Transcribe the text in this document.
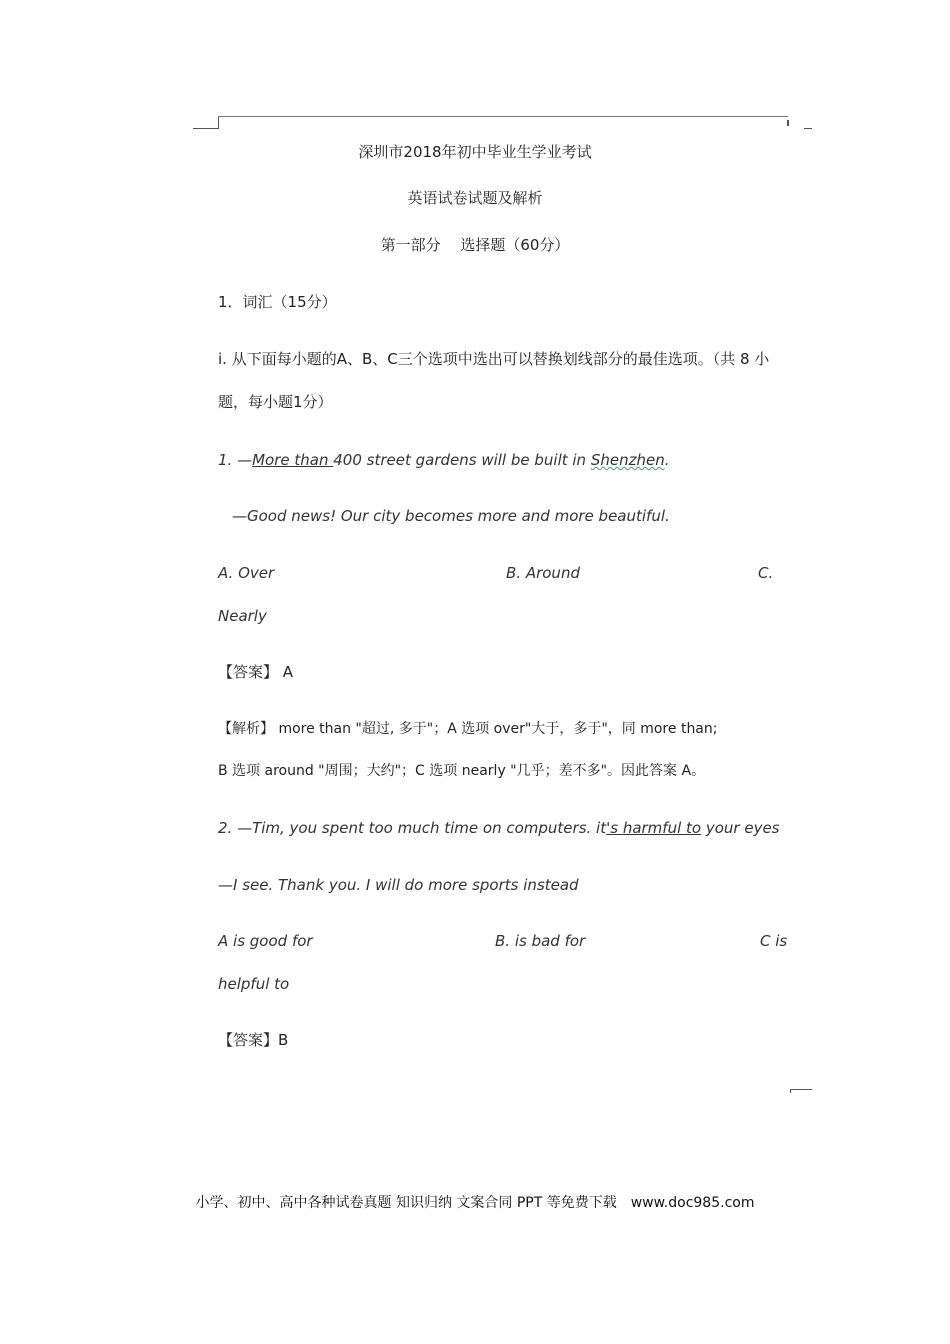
深圳市2018年初中毕业生学业考试
英语试卷试题及解析
第一部分　 选择题（60分）
1．词汇（15分）
i. 从下面每小题的A、B、C三个选项中选出可以替换划线部分的最佳选项。（共 8 小
题，每小题1分）
1. —More than 400 street gardens will be built in Shenzhen.
—Good news! Our city becomes more and more beautiful.
A. Over	B. Around	C.
Nearly
【答案】 A
【解析】 more than "超过, 多于"；A 选项 over"大于，多于"，同 more than;
B 选项 around "周围；大约"；C 选项 nearly "几乎；差不多"。因此答案 A。
2. —Tim, you spent too much time on computers. it's harmful to your eyes
—I see. Thank you. I will do more sports instead
A is good for	B. is bad for	C is
helpful to
【答案】B
小学、初中、高中各种试卷真题 知识归纳 文案合同 PPT 等免费下载　www.doc985.com
